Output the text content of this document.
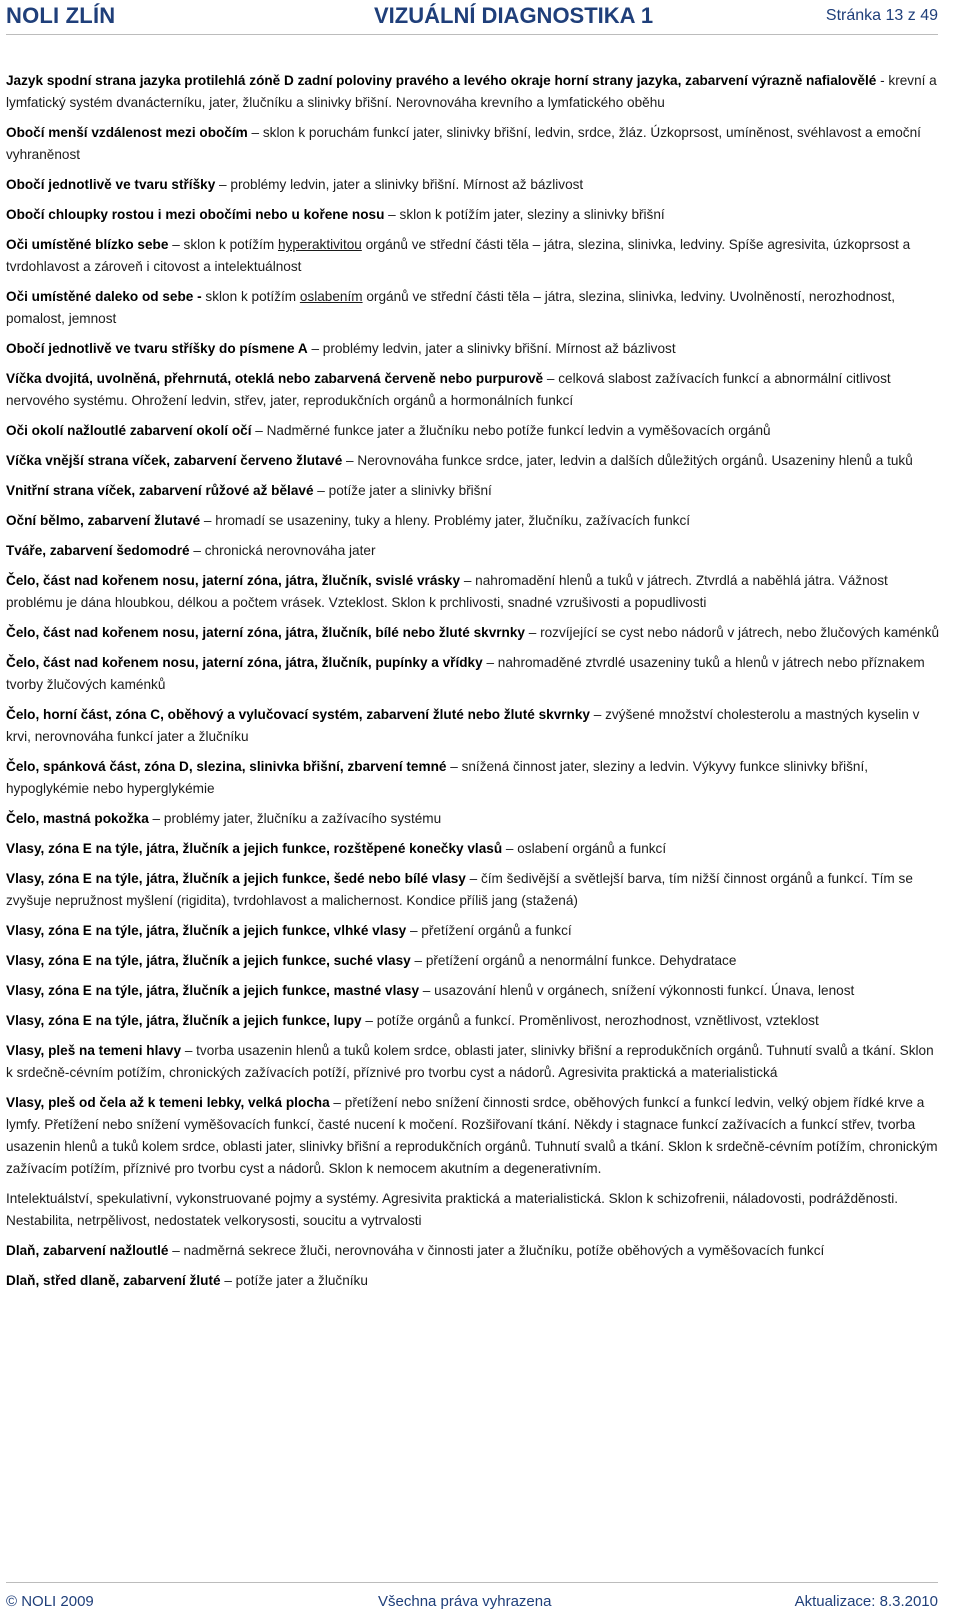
NOLI ZLÍN	VIZUÁLNÍ DIAGNOSTIKA 1	Stránka 13 z 49

Jazyk spodní strana jazyka protilehlá zóně D zadní poloviny pravého a levého okraje horní strany jazyka, zabarvení výrazně nafialovělé - krevní a lymfatický systém dvanácterníku, jater, žlučníku a slinivky břišní. Nerovnováha krevního a lymfatického oběhu

Obočí menší vzdálenost mezi obočím – sklon k poruchám funkcí jater, slinivky břišní, ledvin, srdce, žláz. Úzkoprsost, umíněnost, svéhlavost a emoční vyhraněnost

Obočí jednotlivě ve tvaru stříšky – problémy ledvin, jater a slinivky břišní. Mírnost až bázlivost

Obočí chloupky rostou i mezi obočími nebo u kořene nosu – sklon k potížím jater, sleziny a slinivky břišní

Oči umístěné blízko sebe – sklon k potížím hyperaktivitou orgánů ve střední části těla – játra, slezina, slinivka, ledviny. Spíše agresivita, úzkoprsost a tvrdohlavost a zároveň i citovost a intelektuálnost

Oči umístěné daleko od sebe - sklon k potížím oslabením orgánů ve střední části těla – játra, slezina, slinivka, ledviny. Uvolněností, nerozhodnost, pomalost, jemnost

Obočí jednotlivě ve tvaru stříšky do písmene A – problémy ledvin, jater a slinivky břišní. Mírnost až bázlivost

Víčka dvojitá, uvolněná, přehrnutá, oteklá nebo zabarvená červeně nebo purpurově – celková slabost zažívacích funkcí a abnormální citlivost nervového systému. Ohrožení ledvin, střev, jater, reprodukčních orgánů a hormonálních funkcí

Oči okolí nažloutlé zabarvení okolí očí – Nadměrné funkce jater a žlučníku nebo potíže funkcí ledvin a vyměšovacích orgánů

Víčka vnější strana víček, zabarvení červeno žlutavé – Nerovnováha funkce srdce, jater, ledvin a dalších důležitých orgánů. Usazeniny hlenů a tuků

Vnitřní strana víček, zabarvení růžové až bělavé – potíže jater a slinivky břišní

Oční bělmo, zabarvení žlutavé – hromadí se usazeniny, tuky a hleny. Problémy jater, žlučníku, zažívacích funkcí

Tváře, zabarvení šedomodré – chronická nerovnováha jater

Čelo, část nad kořenem nosu, jaterní zóna, játra, žlučník, svislé vrásky – nahromadění hlenů a tuků v játrech. Ztvrdlá a naběhlá játra. Vážnost problému je dána hloubkou, délkou a počtem vrásek. Vzteklost. Sklon k prchlivosti, snadné vzrušivosti a popudlivosti

Čelo, část nad kořenem nosu, jaterní zóna, játra, žlučník, bílé nebo žluté skvrnky – rozvíjející se cyst nebo nádorů v játrech, nebo žlučových kaménků

Čelo, část nad kořenem nosu, jaterní zóna, játra, žlučník, pupínky a vřídky – nahromaděné ztvrdlé usazeniny tuků a hlenů v játrech nebo příznakem tvorby žlučových kaménků

Čelo, horní část, zóna C, oběhový a vylučovací systém, zabarvení žluté nebo žluté skvrnky – zvýšené množství cholesterolu a mastných kyselin v krvi, nerovnováha funkcí jater a žlučníku

Čelo, spánková část, zóna D, slezina, slinivka břišní, zbarvení temné – snížená činnost jater, sleziny a ledvin. Výkyvy funkce slinivky břišní, hypoglykémie nebo hyperglykémie

Čelo, mastná pokožka – problémy jater, žlučníku a zažívacího systému

Vlasy, zóna E na týle, játra, žlučník a jejich funkce, rozštěpené konečky vlasů – oslabení orgánů a funkcí

Vlasy, zóna E na týle, játra, žlučník a jejich funkce, šedé nebo bílé vlasy – čím šedivější a světlejší barva, tím nižší činnost orgánů a funkcí. Tím se zvyšuje nepružnost myšlení (rigidita), tvrdohlavost a malichernost. Kondice příliš jang (stažená)

Vlasy, zóna E na týle, játra, žlučník a jejich funkce, vlhké vlasy – přetížení orgánů a funkcí

Vlasy, zóna E na týle, játra, žlučník a jejich funkce, suché vlasy – přetížení orgánů a nenormální funkce. Dehydratace

Vlasy, zóna E na týle, játra, žlučník a jejich funkce, mastné vlasy – usazování hlenů v orgánech, snížení výkonnosti funkcí. Únava, lenost

Vlasy, zóna E na týle, játra, žlučník a jejich funkce, lupy – potíže orgánů a funkcí. Proměnlivost, nerozhodnost, vznětlivost, vzteklost

Vlasy, pleš na temeni hlavy – tvorba usazenin hlenů a tuků kolem srdce, oblasti jater, slinivky břišní a reprodukčních orgánů. Tuhnutí svalů a tkání. Sklon k srdečně-cévním potížím, chronických zažívacích potíží, příznivé pro tvorbu cyst a nádorů. Agresivita praktická a materialistická

Vlasy, pleš od čela až k temeni lebky, velká plocha – přetížení nebo snížení činnosti srdce, oběhových funkcí a funkcí ledvin, velký objem řídké krve a lymfy. Přetížení nebo snížení vyměšovacích funkcí, časté nucení k močení. Rozšiřovaní tkání. Někdy i stagnace funkcí zažívacích a funkcí střev, tvorba usazenin hlenů a tuků kolem srdce, oblasti jater, slinivky břišní a reprodukčních orgánů. Tuhnutí svalů a tkání. Sklon k srdečně-cévním potížím, chronickým zažívacím potížím, příznivé pro tvorbu cyst a nádorů. Sklon k nemocem akutním a degenerativním.

Intelektuálství, spekulativní, vykonstruované pojmy a systémy. Agresivita praktická a materialistická. Sklon k schizofrenii, náladovosti, podrážděnosti. Nestabilita, netrpělivost, nedostatek velkorysosti, soucitu a vytrvalosti

Dlaň, zabarvení nažloutlé – nadměrná sekrece žluči, nerovnováha v činnosti jater a žlučníku, potíže oběhových a vyměšovacích funkcí

Dlaň, střed dlaně, zabarvení žluté – potíže jater a žlučníku

© NOLI 2009	Všechna práva vyhrazena	Aktualizace: 8.3.2010
